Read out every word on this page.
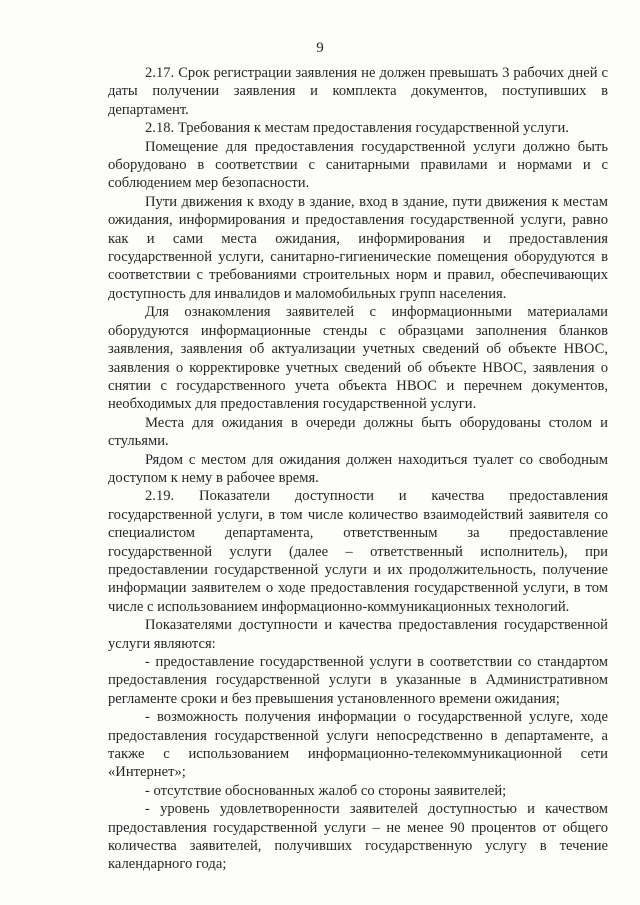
9

2.17. Срок регистрации заявления не должен превышать 3 рабочих дней с даты получении заявления и комплекта документов, поступивших в департамент.

2.18. Требования к местам предоставления государственной услуги.

Помещение для предоставления государственной услуги должно быть оборудовано в соответствии с санитарными правилами и нормами и с соблюдением мер безопасности.

Пути движения к входу в здание, вход в здание, пути движения к местам ожидания, информирования и предоставления государственной услуги, равно как и сами места ожидания, информирования и предоставления государственной услуги, санитарно-гигиенические помещения оборудуются в соответствии с требованиями строительных норм и правил, обеспечивающих доступность для инвалидов и маломобильных групп населения.

Для ознакомления заявителей с информационными материалами оборудуются информационные стенды с образцами заполнения бланков заявления, заявления об актуализации учетных сведений об объекте НВОС, заявления о корректировке учетных сведений об объекте НВОС, заявления о снятии с государственного учета объекта НВОС и перечнем документов, необходимых для предоставления государственной услуги.

Места для ожидания в очереди должны быть оборудованы столом и стульями.

Рядом с местом для ожидания должен находиться туалет со свободным доступом к нему в рабочее время.

2.19. Показатели доступности и качества предоставления государственной услуги, в том числе количество взаимодействий заявителя со специалистом департамента, ответственным за предоставление государственной услуги (далее – ответственный исполнитель), при предоставлении государственной услуги и их продолжительность, получение информации заявителем о ходе предоставления государственной услуги, в том числе с использованием информационно-коммуникационных технологий.

Показателями доступности и качества предоставления государственной услуги являются:

- предоставление государственной услуги в соответствии со стандартом предоставления государственной услуги в указанные в Административном регламенте сроки и без превышения установленного времени ожидания;

- возможность получения информации о государственной услуге, ходе предоставления государственной услуги непосредственно в департаменте, а также с использованием информационно-телекоммуникационной сети «Интернет»;

- отсутствие обоснованных жалоб со стороны заявителей;

- уровень удовлетворенности заявителей доступностью и качеством предоставления государственной услуги – не менее 90 процентов от общего количества заявителей, получивших государственную услугу в течение календарного года;
